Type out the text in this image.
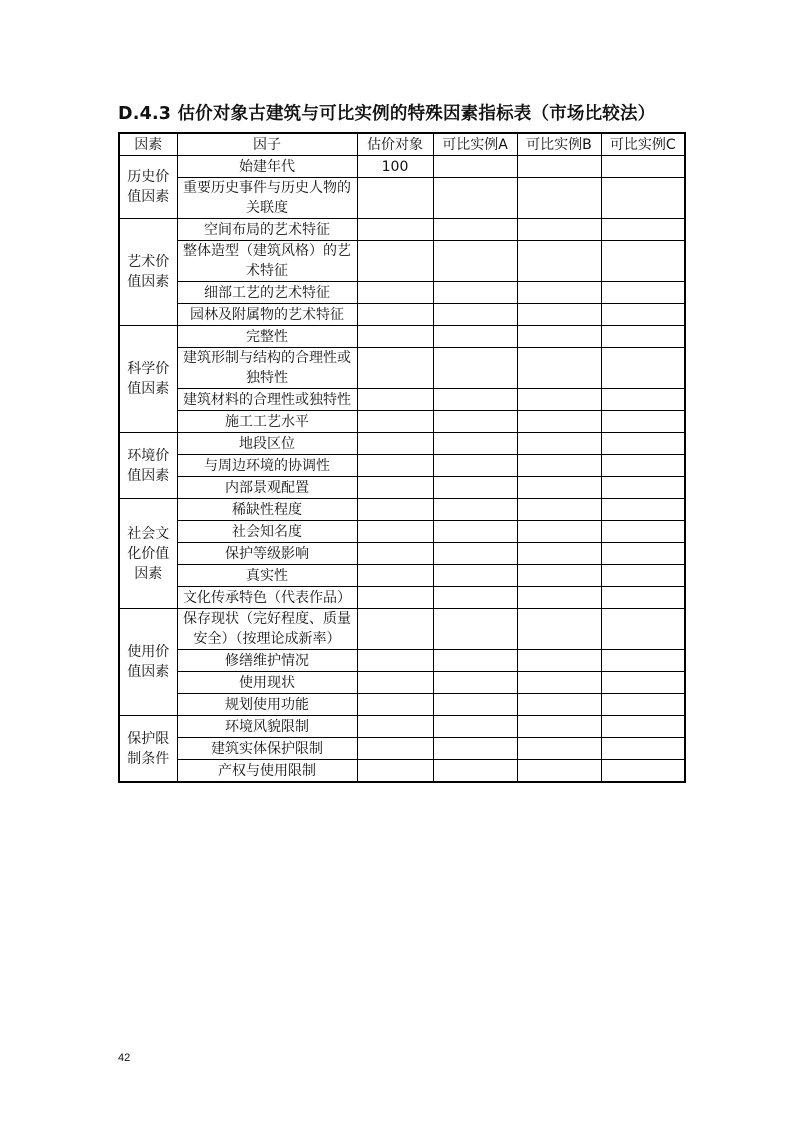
D.4.3 估价对象古建筑与可比实例的特殊因素指标表（市场比较法）
因素	因子	估价对象	可比实例A	可比实例B	可比实例C
历史价值因素	始建年代	100			
	重要历史事件与历史人物的关联度				
艺术价值因素	空间布局的艺术特征				
	整体造型（建筑风格）的艺术特征				
	细部工艺的艺术特征				
	园林及附属物的艺术特征				
科学价值因素	完整性				
	建筑形制与结构的合理性或独特性				
	建筑材料的合理性或独特性				
	施工工艺水平				
环境价值因素	地段区位				
	与周边环境的协调性				
	内部景观配置				
社会文化价值因素	稀缺性程度				
	社会知名度				
	保护等级影响				
	真实性				
	文化传承特色（代表作品）				
使用价值因素	保存现状（完好程度、质量安全）（按理论成新率）				
	修缮维护情况				
	使用现状				
	规划使用功能				
保护限制条件	环境风貌限制				
	建筑实体保护限制				
	产权与使用限制				
42
